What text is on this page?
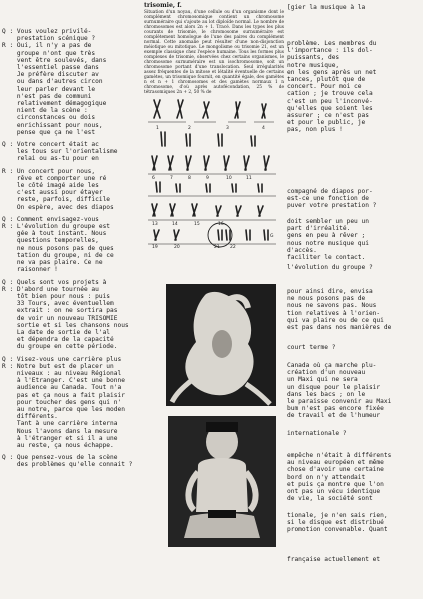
Q : Vous voulez privilé-
prestation scénique ?
R : Oui, il n'y a pas de
groupe n'ont que très
vent être soulevés, dans
l'essentiel passe dans
Je préfère discuter av
ou dans d'autres circon
leur parler devant le
n'est pas de communi
relativement démagogique
nient de la scène :
circonstances ou dois
enrichissant pour nous,
pense que ça ne l'est
Q : Votre concert était ac
les tous sur l'orientalisme
relai ou as-tu pour en
R : Un concert pour nous,
rêve et comporter une ré
le côté imagé aide les
c'est aussi pour étayer
reste, parfois, difficile
On espère, avec des diapos
Q : Comment envisagez-vous
R : L'évolution du groupe est
gée à tout instant. Nous
questions temporelles,
ne nous posons pas de ques
tation du groupe, ni de ce
ne va pas plaire. Ce ne
raisonner !
Q : Quels sont vos projets à
R : D'abord une tournée au
tôt bien pour nous : puis
33 Tours, avec éventuellem
extrait : on ne sortira pas
de voir un nouveau TRISOMIE
sortie et si les chansons nous
La date de sortie de l'al
et dépendra de la capacité
du groupe en cette période.
Q : Visez-vous une carrière plus
R : Notre but est de placer un
niveaux : au niveau Régional
à l'Etranger. C'est une bonne
audience au Canada. Tout n'a
pas et ça nous a fait plaisir
pour toucher des gens qui n'
au notre, parce que les moden
différents.
Tant à une carrière interna
Nous l'avons dans la mesure
à l'étranger et si il a une
au reste, ça nous échappe.
Q : Que pensez-vous de la scène
des problèmes qu'elle connait ?
trisomie, f.

Situation d'un noyau, d'une cellule ou d'un organisme dont le complément chromosomique contient un chromosome surnuméraire qui s'ajoute au lot diploïde normal. Le nombre de chromosomes est alors 2n + 1. Tracé. Dans les types les plus courants de trisomie, le chromosome surnuméraire est complètement homologue de l'une des paires du complément normal. Cette anomalie peut résulter d'une non-disjonction méiotique ou mitotique. Le mongolisme ou trisomie 21, est un exemple classique chez l'espèce humaine. Tous les formes plus complexes de trisomie, observées chez certains organismes, le chromosome surnuméraire est un isochromosome, soit un chromosome portant d'une translocation. Seul irrégularités assez fréquentes de la mitose et létalité éventuelle de certains gamètes, un trisomique fournit, en quantité égale, des gamètes n et n + 1 chromosomes et des gamètes normaux 1 n chromosome, d'où après autofécondation, 25 % de tétrasomiques 2n + 2, 50 % de

1	2	3	4
6	7	8	9	10	11
13	14	15	16
19	20	21 22
G
[gier la musique à la
problème. Les membres du
l'importance : ils dol-
puissants, des
notre musique,
en les gens après un net
tances, plutôt que de
concert. Pour moi ce
cation ; je trouve cela
c'est un peu l'inconvé-
qu'elles que soient les
assurer ; ce n'est pas
et pour le public, je
pas, non plus !
compagné de diapos por-
est-ce une fonction de
puver votre prestation ?
doit sembler un peu un
part d'irréalité.
gens en peu à rêver ;
nous notre musique qui
d'accès.
faciliter le contact.
l'évolution du groupe ?
pour ainsi dire, envisa
ne nous posons pas de
nous ne savons pas. Nous
tion relatives à l'orien-
qui va plaire ou de ce qui
est pas dans nos manières de
court terme ?
Canada où ça marche plu-
création d'un nouveau
un Maxi qui ne sera
un disque pour le plaisir
dans les bacs ; on le
le paraisse convenir au Maxi
bum n'est pas encore fixée
de travail et de l'humeur
internationale ?
empêche n'était à différents
au niveau européen et même
chose d'avoir une certaine
bord on n'y attendait
et puis ça montre que l'on
ont pas un vécu identique
de vie, la société sont
tionale, je n'en sais rien,
si le disque est distribué
promotion convenable. Quant
française actuellement et
